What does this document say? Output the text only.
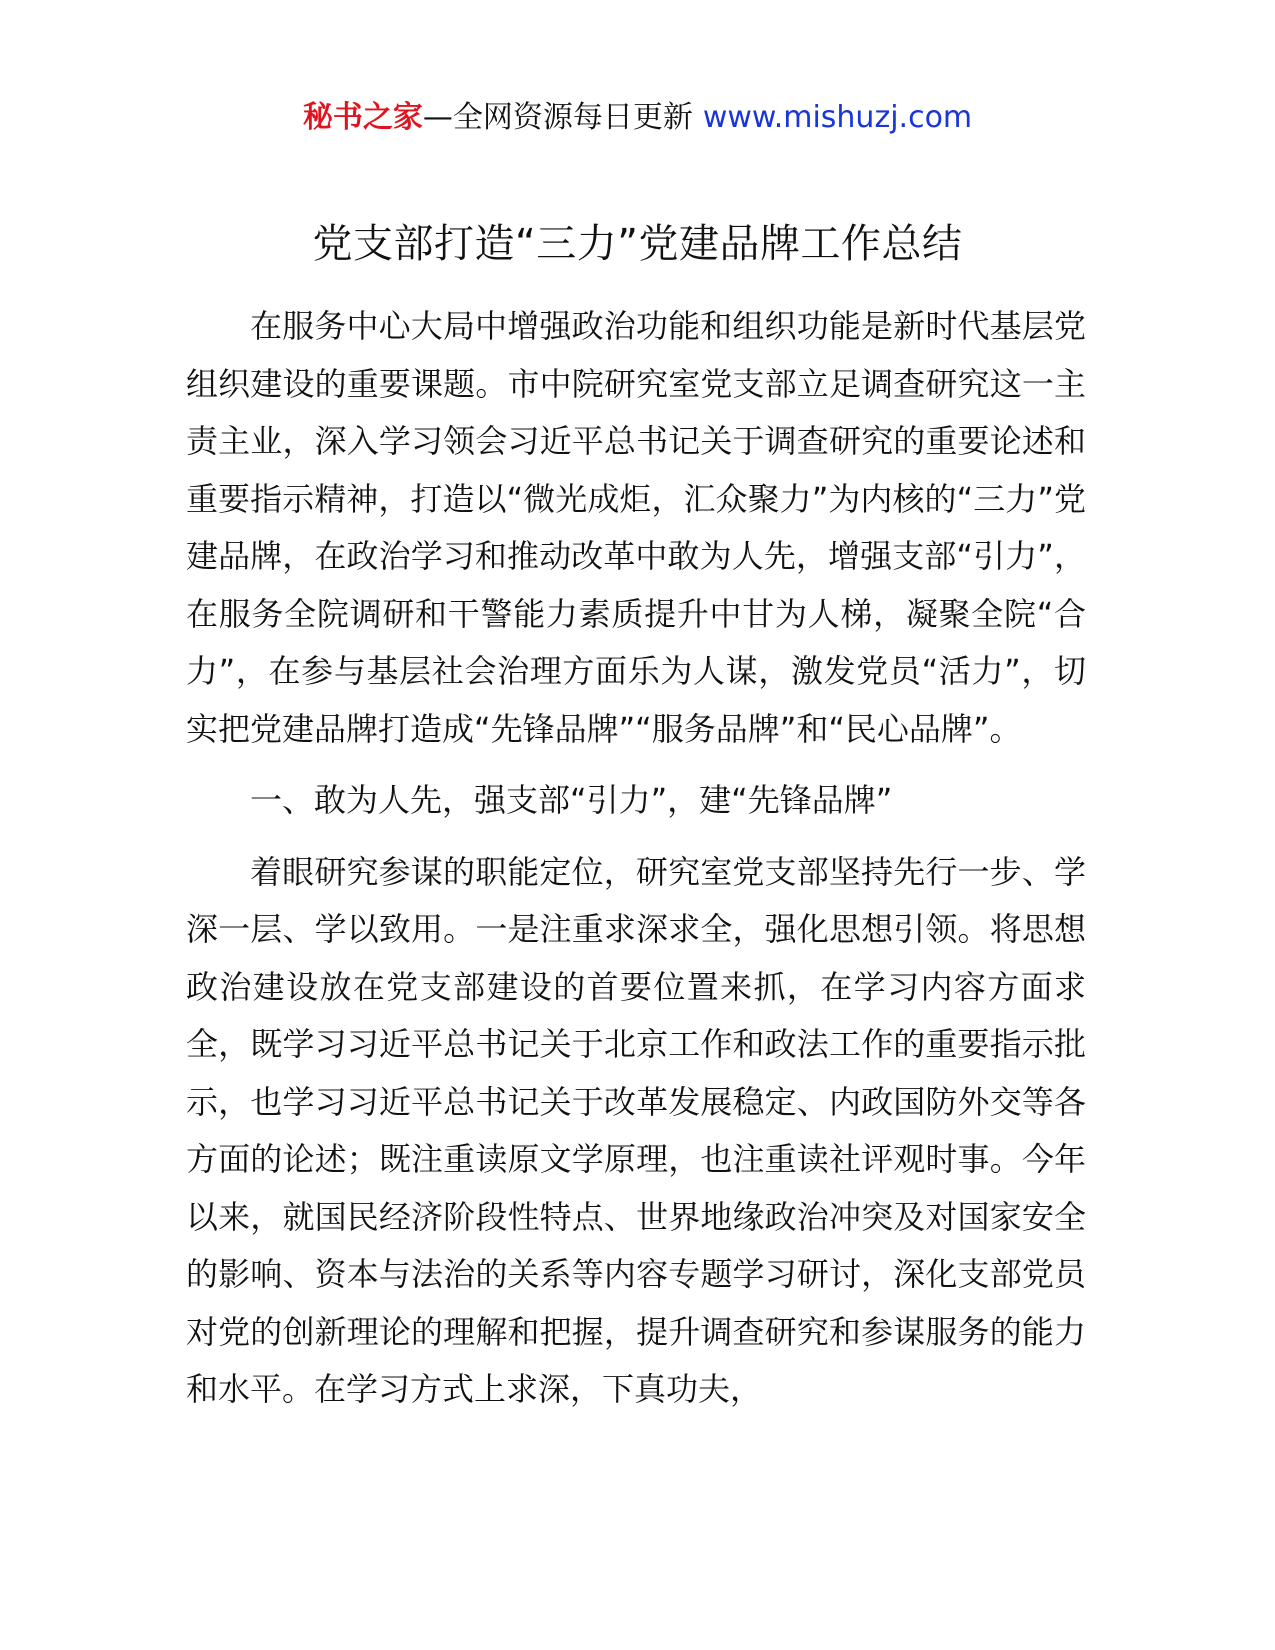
秘书之家—全网资源每日更新 www.mishuzj.com
党支部打造“三力”党建品牌工作总结

在服务中心大局中增强政治功能和组织功能是新时代基层党组织建设的重要课题。市中院研究室党支部立足调查研究这一主责主业，深入学习领会习近平总书记关于调查研究的重要论述和重要指示精神，打造以“微光成炬，汇众聚力”为内核的“三力”党建品牌，在政治学习和推动改革中敢为人先，增强支部“引力”，在服务全院调研和干警能力素质提升中甘为人梯，凝聚全院“合力”，在参与基层社会治理方面乐为人谋，激发党员“活力”，切实把党建品牌打造成“先锋品牌”“服务品牌”和“民心品牌”。

一、敢为人先，强支部“引力”，建“先锋品牌”

着眼研究参谋的职能定位，研究室党支部坚持先行一步、学深一层、学以致用。一是注重求深求全，强化思想引领。将思想政治建设放在党支部建设的首要位置来抓，在学习内容方面求全，既学习习近平总书记关于北京工作和政法工作的重要指示批示，也学习习近平总书记关于改革发展稳定、内政国防外交等各方面的论述；既注重读原文学原理，也注重读社评观时事。今年以来，就国民经济阶段性特点、世界地缘政治冲突及对国家安全的影响、资本与法治的关系等内容专题学习研讨，深化支部党员对党的创新理论的理解和把握，提升调查研究和参谋服务的能力和水平。在学习方式上求深，下真功夫，
